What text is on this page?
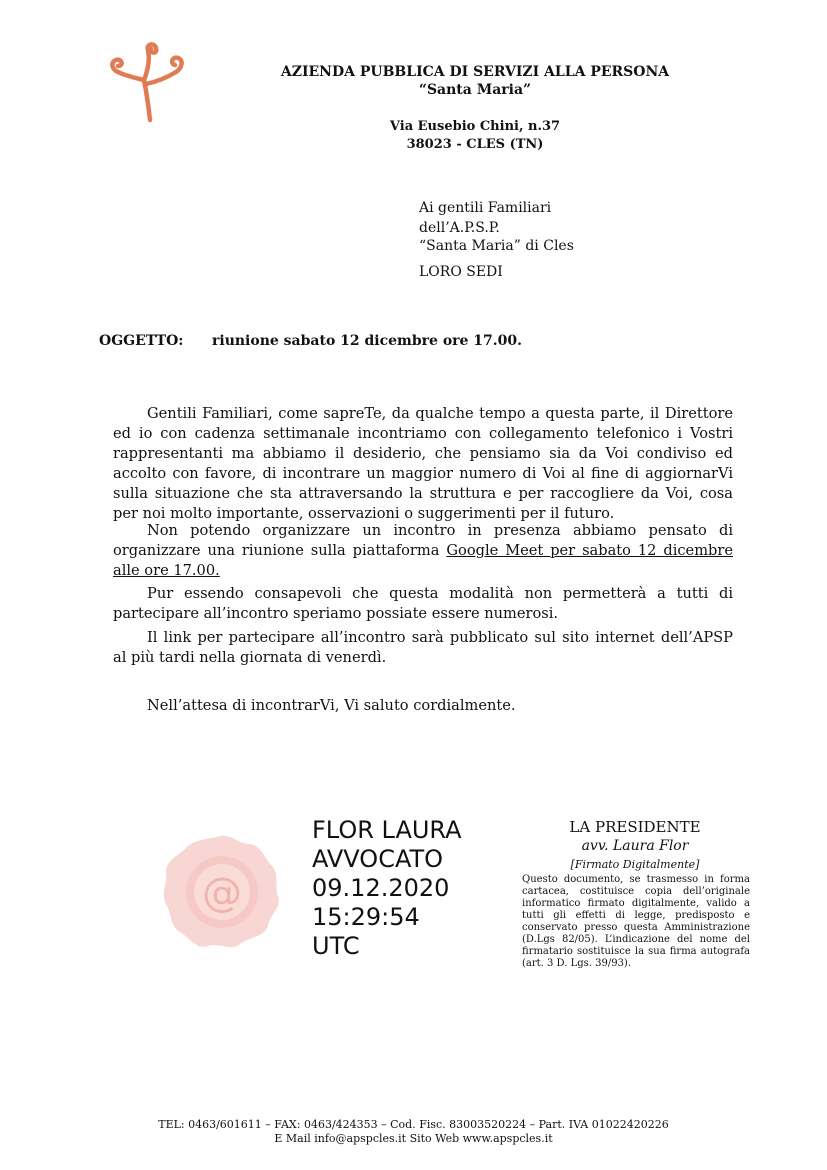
AZIENDA PUBBLICA DI SERVIZI ALLA PERSONA
“Santa Maria”
Via Eusebio Chini, n.37
38023 - CLES (TN)
Ai gentili Familiari
dell’A.P.S.P.
“Santa Maria” di Cles
LORO SEDI
OGGETTO: riunione sabato 12 dicembre ore 17.00.

Gentili Familiari, come sapreTe, da qualche tempo a questa parte, il Direttore ed io con cadenza settimanale incontriamo con collegamento telefonico i Vostri rappresentanti ma abbiamo il desiderio, che pensiamo sia da Voi condiviso ed accolto con favore, di incontrare un maggior numero di Voi al fine di aggiornarVi sulla situazione che sta attraversando la struttura e per raccogliere da Voi, cosa per noi molto importante, osservazioni o suggerimenti per il futuro.

Non potendo organizzare un incontro in presenza abbiamo pensato di organizzare una riunione sulla piattaforma Google Meet per sabato 12 dicembre alle ore 17.00.

Pur essendo consapevoli che questa modalità non permetterà a tutti di partecipare all’incontro speriamo possiate essere numerosi.

Il link per partecipare all’incontro sarà pubblicato sul sito internet dell’APSP al più tardi nella giornata di venerdì.

Nell’attesa di incontrarVi, Vi saluto cordialmente.
@
FLOR LAURA
AVVOCATO
09.12.2020
15:29:54
UTC
LA PRESIDENTE
avv. Laura Flor
[Firmato Digitalmente]
Questo documento, se trasmesso in forma cartacea, costituisce copia dell’originale informatico firmato digitalmente, valido a tutti gli effetti di legge, predisposto e conservato presso questa Amministrazione (D.Lgs 82/05). L’indicazione del nome del firmatario sostituisce la sua firma autografa (art. 3 D. Lgs. 39/93).
TEL: 0463/601611 – FAX: 0463/424353 – Cod. Fisc. 83003520224 – Part. IVA 01022420226
E Mail info@apspcles.it Sito Web www.apspcles.it
